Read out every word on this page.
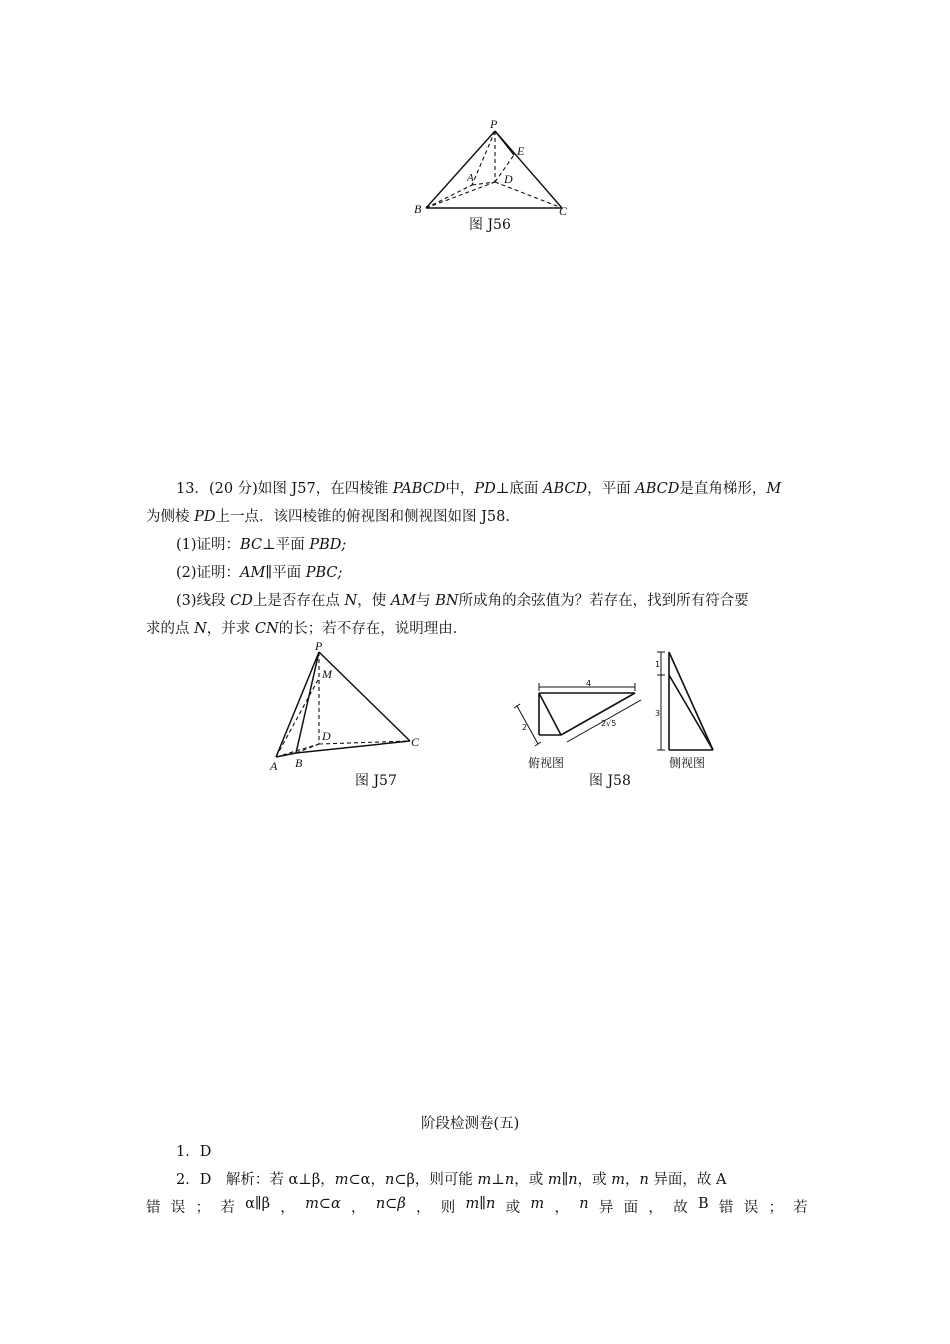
P
E
A	D
B	C
图 J56
13．(20 分)如图 J57，在四棱锥 PABCD中，PD⊥底面 ABCD，平面 ABCD是直角梯形，M
为侧棱 PD上一点．该四棱锥的俯视图和侧视图如图 J58.
(1)证明：BC⊥平面 PBD;
(2)证明：AM∥平面 PBC;
(3)线段 CD上是否存在点 N，使 AM与 BN所成角的余弦值为？若存在，找到所有符合要
求的点 N，并求 CN的长；若不存在，说明理由．
P
M
D
A B
C
图 J57
4
2	2√5
1
3
俯视图	侧视图
图 J58
阶段检测卷(五)
1．D
2．D　解析：若 α⊥β，m⊂α，n⊂β，则可能 m⊥n，或 m∥n，或 m，n 异面，故 A
错 误 ； 若 α∥β ， m⊂α ， n⊂β ， 则 m∥n 或 m ， n 异 面 ， 故 B 错 误 ； 若
